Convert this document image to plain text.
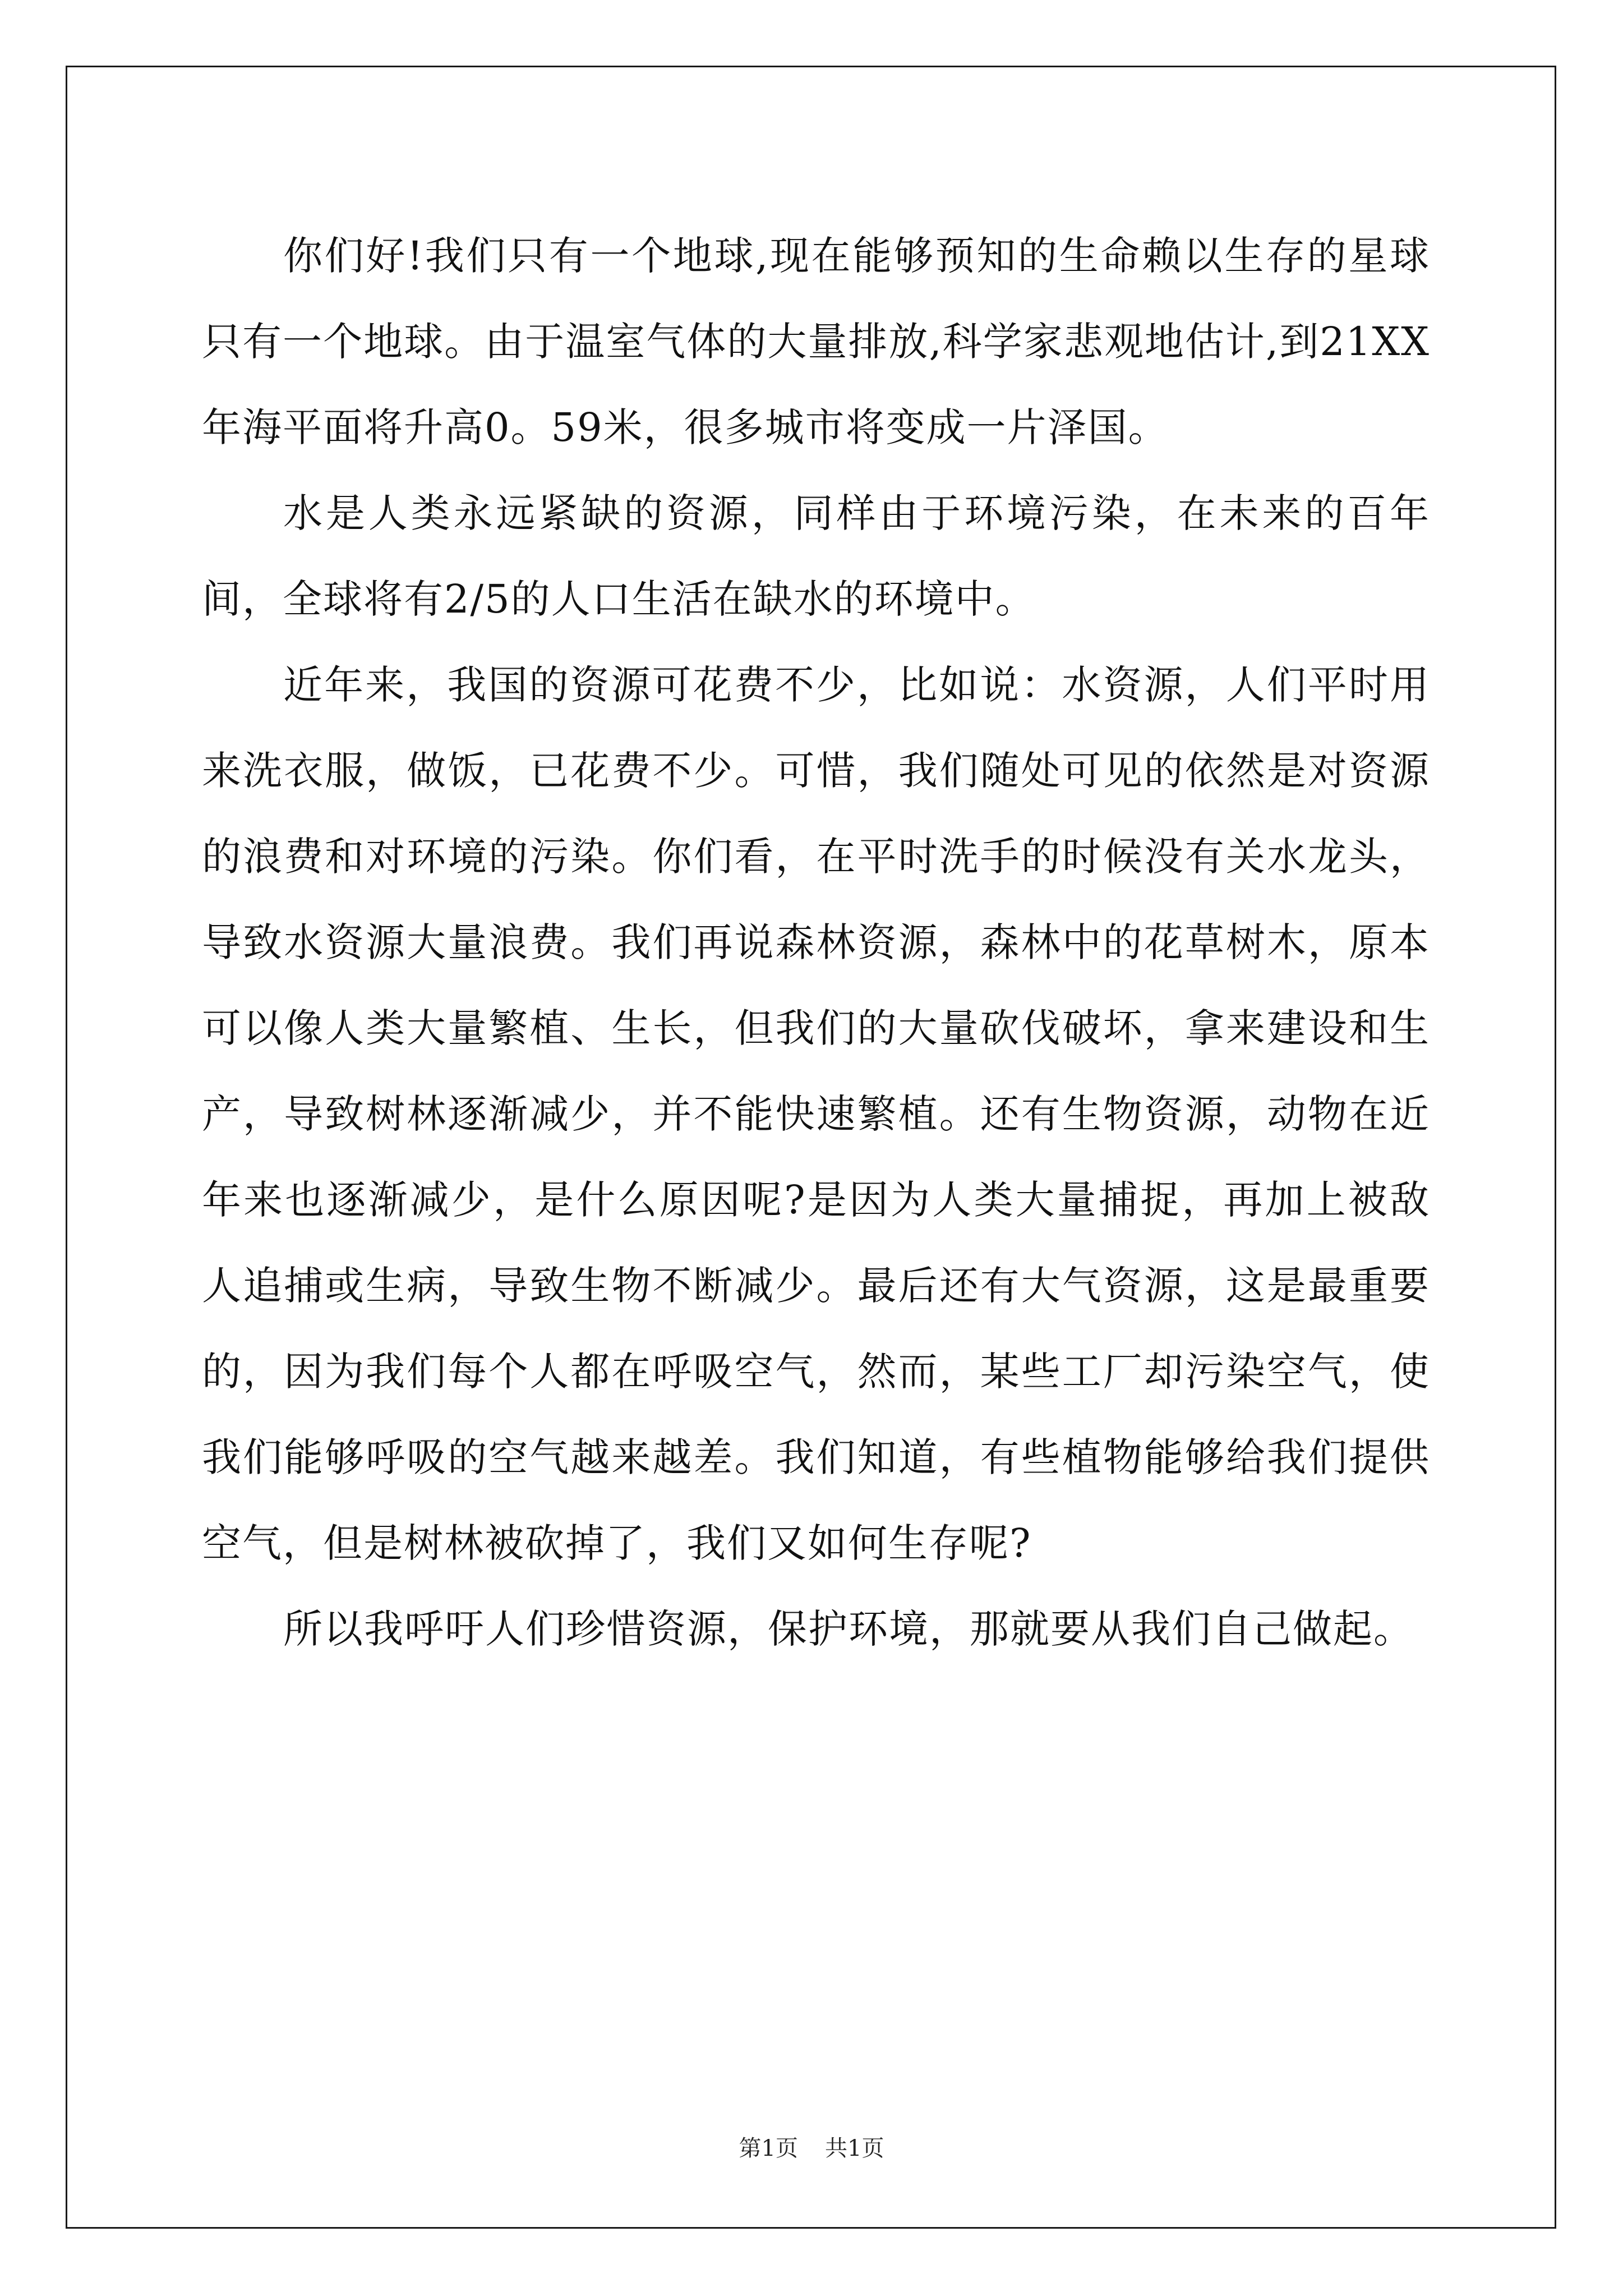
你们好!我们只有一个地球,现在能够预知的生命赖以生存的星球只有一个地球。由于温室气体的大量排放,科学家悲观地估计,到21XX年海平面将升高0。59米，很多城市将变成一片泽国。

水是人类永远紧缺的资源，同样由于环境污染，在未来的百年间，全球将有2/5的人口生活在缺水的环境中。

近年来，我国的资源可花费不少，比如说：水资源，人们平时用来洗衣服，做饭，已花费不少。可惜，我们随处可见的依然是对资源的浪费和对环境的污染。你们看，在平时洗手的时候没有关水龙头，导致水资源大量浪费。我们再说森林资源，森林中的花草树木，原本可以像人类大量繁植、生长，但我们的大量砍伐破坏，拿来建设和生产，导致树林逐渐减少，并不能快速繁植。还有生物资源，动物在近年来也逐渐减少，是什么原因呢?是因为人类大量捕捉，再加上被敌人追捕或生病，导致生物不断减少。最后还有大气资源，这是最重要的，因为我们每个人都在呼吸空气，然而，某些工厂却污染空气，使我们能够呼吸的空气越来越差。我们知道，有些植物能够给我们提供空气，但是树林被砍掉了，我们又如何生存呢?

所以我呼吁人们珍惜资源，保护环境，那就要从我们自己做起。

第1页 共1页
